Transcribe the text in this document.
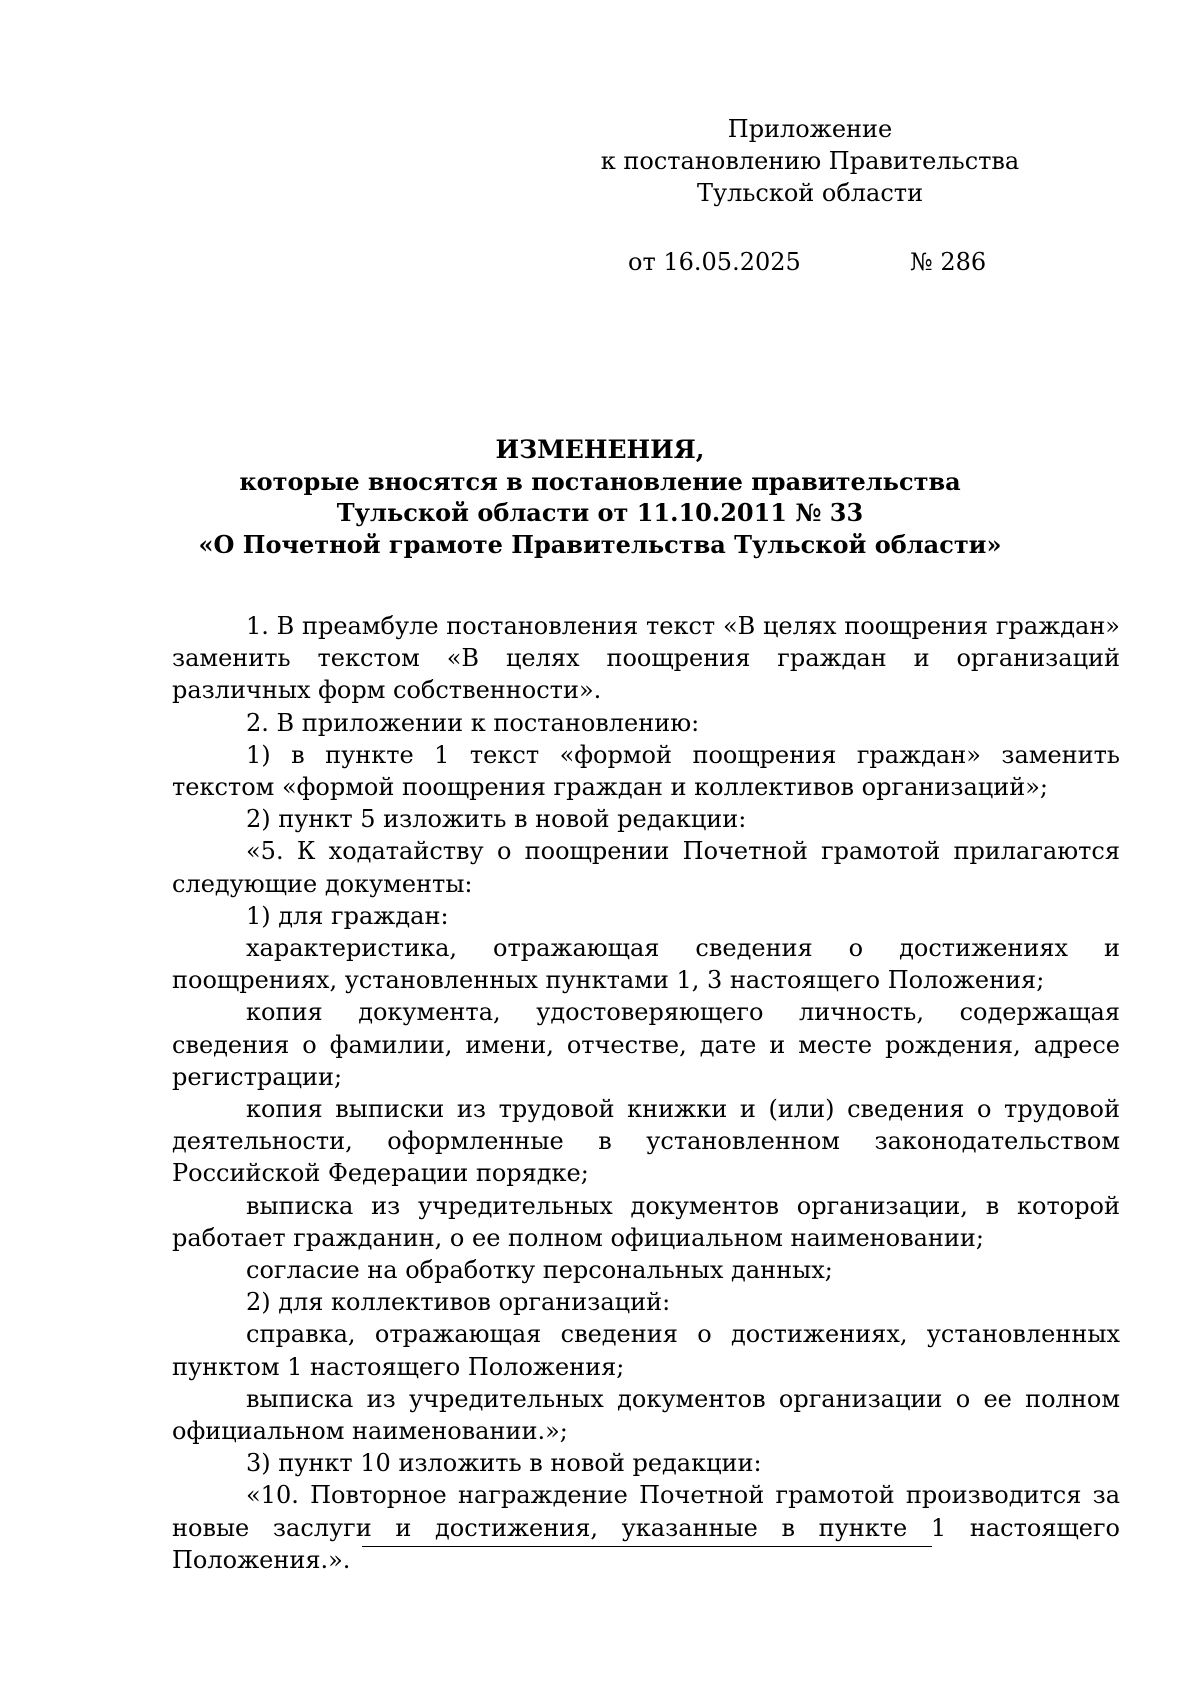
Приложение
к постановлению Правительства
Тульской области
от 16.05.2025	№ 286
ИЗМЕНЕНИЯ,
которые вносятся в постановление правительства
Тульской области от 11.10.2011 № 33
«О Почетной грамоте Правительства Тульской области»

1. В преамбуле постановления текст «В целях поощрения граждан» заменить текстом «В целях поощрения граждан и организаций различных форм собственности».

2. В приложении к постановлению:

1) в пункте 1 текст «формой поощрения граждан» заменить текстом «формой поощрения граждан и коллективов организаций»;

2) пункт 5 изложить в новой редакции:

«5. К ходатайству о поощрении Почетной грамотой прилагаются следующие документы:

1) для граждан:

характеристика, отражающая сведения о достижениях и поощрениях, установленных пунктами 1, 3 настоящего Положения;

копия документа, удостоверяющего личность, содержащая сведения о фамилии, имени, отчестве, дате и месте рождения, адресе регистрации;

копия выписки из трудовой книжки и (или) сведения о трудовой деятельности, оформленные в установленном законодательством Российской Федерации порядке;

выписка из учредительных документов организации, в которой работает гражданин, о ее полном официальном наименовании;

согласие на обработку персональных данных;

2) для коллективов организаций:

справка, отражающая сведения о достижениях, установленных пунктом 1 настоящего Положения;

выписка из учредительных документов организации о ее полном официальном наименовании.»;

3) пункт 10 изложить в новой редакции:

«10. Повторное награждение Почетной грамотой производится за новые заслуги и достижения, указанные в пункте 1 настоящего Положения.».
